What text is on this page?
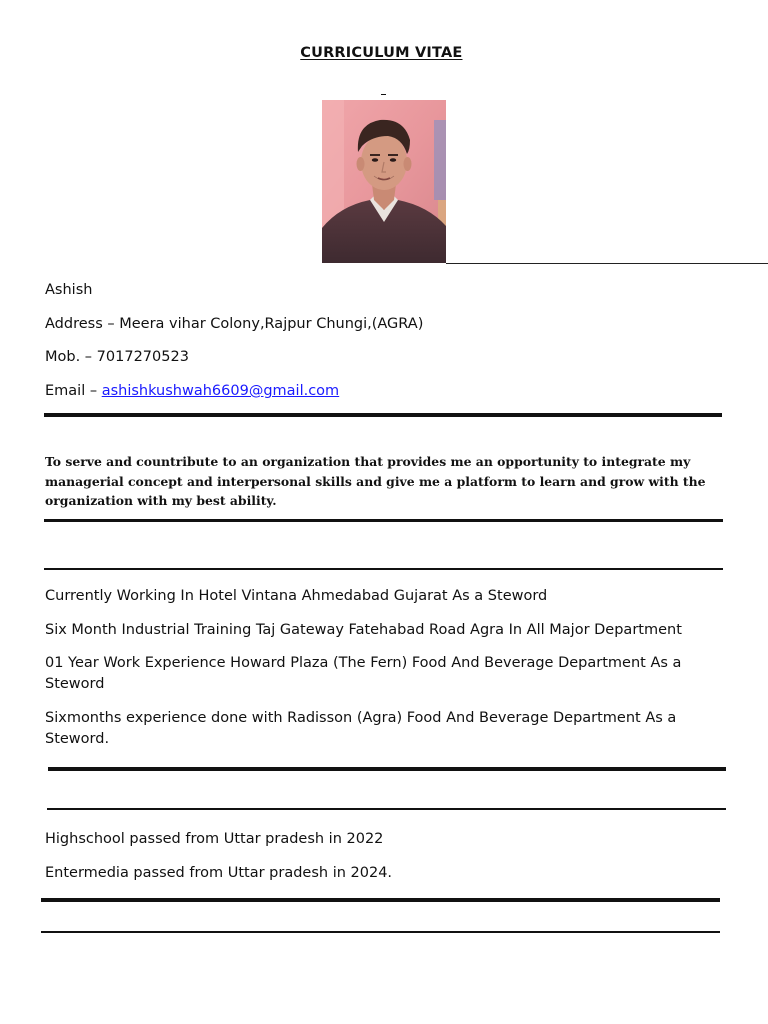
CURRICULUM VITAE
Ashish
Address – Meera vihar Colony,Rajpur Chungi,(AGRA)
Mob. – 7017270523
Email – ashishkushwah6609@gmail.com
To serve and countribute to an organization that provides me an opportunity to integrate my managerial concept and interpersonal skills and give me a platform to learn and grow with the organization with my best ability.
Currently Working In Hotel Vintana Ahmedabad Gujarat As a Steword
Six Month Industrial Training Taj Gateway Fatehabad Road Agra In All Major Department
01 Year Work Experience Howard Plaza (The Fern) Food And Beverage Department As a Steword
Sixmonths experience done with Radisson (Agra) Food And Beverage Department As a Steword.
Highschool passed from Uttar pradesh in 2022
Entermedia passed from Uttar pradesh in 2024.
